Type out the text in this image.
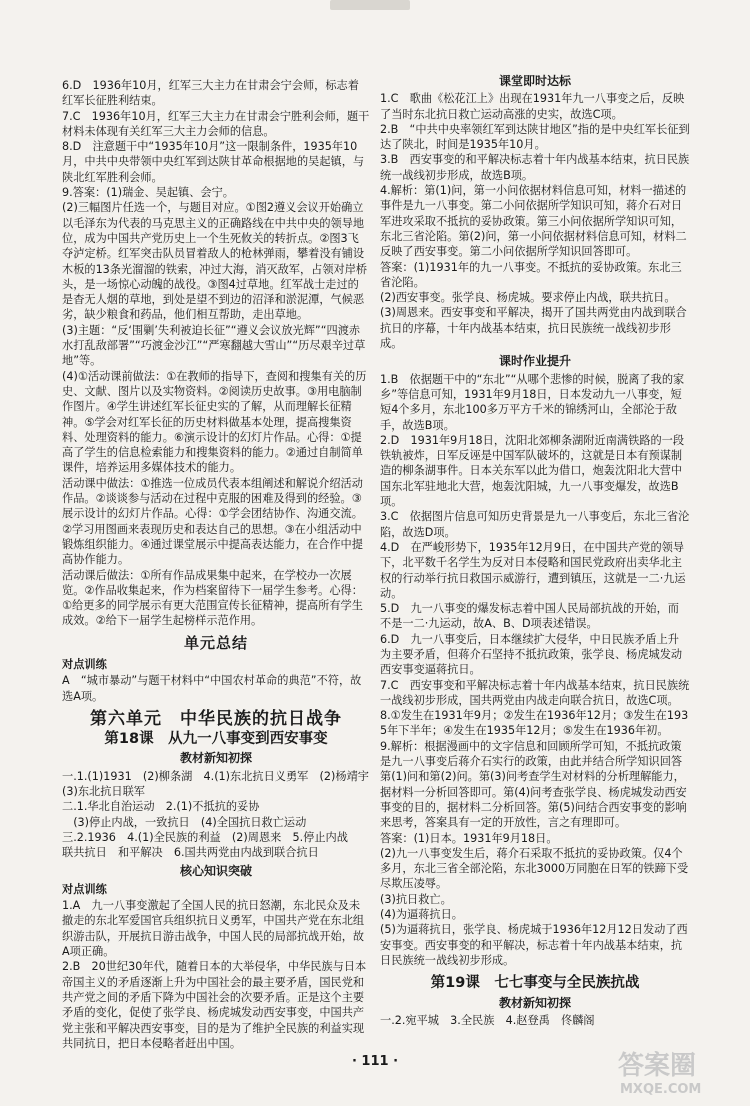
6.D　1936年10月，红军三大主力在甘肃会宁会师，标志着红军长征胜利结束。

7.C　1936年10月，红军三大主力在甘肃会宁胜利会师，题干材料未体现有关红军三大主力会师的信息。

8.D　注意题干中“1935年10月”这一限制条件，1935年10月，中共中央带领中央红军到达陕甘革命根据地的吴起镇，与陕北红军胜利会师。

9.答案：(1)瑞金、吴起镇、会宁。

(2)三幅图片任选一个，与题目对应。①图2遵义会议开始确立以毛泽东为代表的马克思主义的正确路线在中共中央的领导地位，成为中国共产党历史上一个生死攸关的转折点。②图3飞夺泸定桥。红军突击队员冒着敌人的枪林弹雨，攀着没有铺设木板的13条光溜溜的铁索，冲过大海，消灭敌军，占领对岸桥头，是一场惊心动魄的战役。③图4过草地。红军战士走过的是杳无人烟的草地，到处是望不到边的沼泽和淤泥潭，气候恶劣，缺少粮食和药品，他们相互帮助，走出草地。

(3)主题：“反‘围剿’失利被迫长征”“遵义会议放光辉”“四渡赤水打乱敌部署”“巧渡金沙江”“严寒翻越大雪山”“历尽艰辛过草地”等。

(4)①活动课前做法：①在教师的指导下，查阅和搜集有关的历史、文献、图片以及实物资料。②阅读历史故事。③用电脑制作图片。④学生讲述红军长征史实的了解，从而理解长征精神。⑤学会对红军长征的历史材料做基本处理，提高搜集资料、处理资料的能力。⑥演示设计的幻灯片作品。心得：①提高了学生的信息检索能力和搜集资料的能力。②通过自制简单课件，培养运用多媒体技术的能力。

活动课中做法：①推选一位成员代表本组阐述和解说介绍活动作品。②谈谈参与活动在过程中克服的困难及得到的经验。③展示设计的幻灯片作品。心得：①学会团结协作、沟通交流。②学习用图画来表现历史和表达自己的思想。③在小组活动中锻炼组织能力。④通过课堂展示中提高表达能力，在合作中提高协作能力。

活动课后做法：①所有作品成果集中起来，在学校办一次展览。②作品收集起来，作为档案留待下一届学生参考。心得：①给更多的同学展示有更大范围宣传长征精神，提高所有学生成效。②给下一届学生起榜样示范作用。

单元总结
对点训练

A　“城市暴动”与题干材料中“中国农村革命的典范”不符，故选A项。

第六单元　中华民族的抗日战争
第18课　从九一八事变到西安事变
教材新知初探

一.1.(1)1931　(2)柳条湖　4.(1)东北抗日义勇军　(2)杨靖宇　(3)东北抗日联军

二.1.华北自治运动　2.(1)不抵抗的妥协

　(3)停止内战，一致抗日　(4)全国抗日救亡运动

三.2.1936　4.(1)全民族的利益　(2)周恩来　5.停止内战　联共抗日　和平解决　6.国共两党由内战到联合抗日

核心知识突破
对点训练

1.A　九一八事变激起了全国人民的抗日怒潮，东北民众及未撤走的东北军爱国官兵组织抗日义勇军，中国共产党在东北组织游击队，开展抗日游击战争，中国人民的局部抗战开始，故A项正确。

2.B　20世纪30年代，随着日本的大举侵华，中华民族与日本帝国主义的矛盾逐渐上升为中国社会的最主要矛盾，国民党和共产党之间的矛盾下降为中国社会的次要矛盾。正是这个主要矛盾的变化，促使了张学良、杨虎城发动西安事变，中国共产党主张和平解决西安事变，目的是为了维护全民族的利益实现共同抗日，把日本侵略者赶出中国。

课堂即时达标

1.C　歌曲《松花江上》出现在1931年九一八事变之后，反映了当时东北抗日救亡运动高涨的史实，故选C项。

2.B　“中共中央率领红军到达陕甘地区”指的是中央红军长征到达了陕北，时间是1935年10月。

3.B　西安事变的和平解决标志着十年内战基本结束，抗日民族统一战线初步形成，故选B项。

4.解析：第(1)问，第一小问依据材料信息可知，材料一描述的事件是九一八事变。第二小问依据所学知识可知，蒋介石对日军进攻采取不抵抗的妥协政策。第三小问依据所学知识可知，东北三省沦陷。第(2)问，第一小问依据材料信息可知，材料二反映了西安事变。第二小问依据所学知识回答即可。

答案：(1)1931年的九一八事变。不抵抗的妥协政策。东北三省沦陷。

(2)西安事变。张学良、杨虎城。要求停止内战，联共抗日。

(3)周恩来。西安事变和平解决，揭开了国共两党由内战到联合抗日的序幕，十年内战基本结束，抗日民族统一战线初步形成。

课时作业提升

1.B　依据题干中的“东北”“从哪个悲惨的时候，脱离了我的家乡”等信息可知，1931年9月18日，日本发动九一八事变，短短4个多月，东北100多万平方千米的锦绣河山，全部沦于敌手，故选B项。

2.D　1931年9月18日，沈阳北郊柳条湖附近南满铁路的一段铁轨被炸，日军反诬是中国军队破坏的，这就是日本有预谋制造的柳条湖事件。日本关东军以此为借口，炮轰沈阳北大营中国东北军驻地北大营，炮轰沈阳城，九一八事变爆发，故选B项。

3.C　依据图片信息可知历史背景是九一八事变后，东北三省沦陷，故选D项。

4.D　在严峻形势下，1935年12月9日，在中国共产党的领导下，北平数千名学生为反对日本侵略和国民党政府出卖华北主权的行动举行抗日救国示威游行，遭到镇压，这就是一二·九运动。

5.D　九一八事变的爆发标志着中国人民局部抗战的开始，而不是一二·九运动，故A、B、D项表述错误。

6.D　九一八事变后，日本继续扩大侵华，中日民族矛盾上升为主要矛盾，但蒋介石坚持不抵抗政策，张学良、杨虎城发动西安事变逼蒋抗日。

7.C　西安事变和平解决标志着十年内战基本结束，抗日民族统一战线初步形成，国共两党由内战走向联合抗日，故选C项。

8.①发生在1931年9月；②发生在1936年12月；③发生在1935年下半年；④发生在1935年12月；⑤发生在1936年初。

9.解析：根据漫画中的文字信息和回顾所学可知，不抵抗政策是九一八事变后蒋介石实行的政策，由此并结合所学知识回答第(1)问和第(2)问。第(3)问考查学生对材料的分析理解能力，据材料一分析回答即可。第(4)问考查张学良、杨虎城发动西安事变的目的，据材料二分析回答。第(5)问结合西安事变的影响来思考，答案具有一定的开放性，言之有理即可。

答案：(1)日本。1931年9月18日。

(2)九一八事变发生后，蒋介石采取不抵抗的妥协政策。仅4个多月，东北三省全部沦陷，东北3000万同胞在日军的铁蹄下受尽欺压凌辱。

(3)抗日救亡。

(4)为逼蒋抗日。

(5)为逼蒋抗日，张学良、杨虎城于1936年12月12日发动了西安事变。西安事变的和平解决，标志着十年内战基本结束，抗日民族统一战线初步形成。

第19课　七七事变与全民族抗战
教材新知初探

一.2.宛平城　3.全民族　4.赵登禹　佟麟阁

· 111 ·	答案圈
MXQE.COM
